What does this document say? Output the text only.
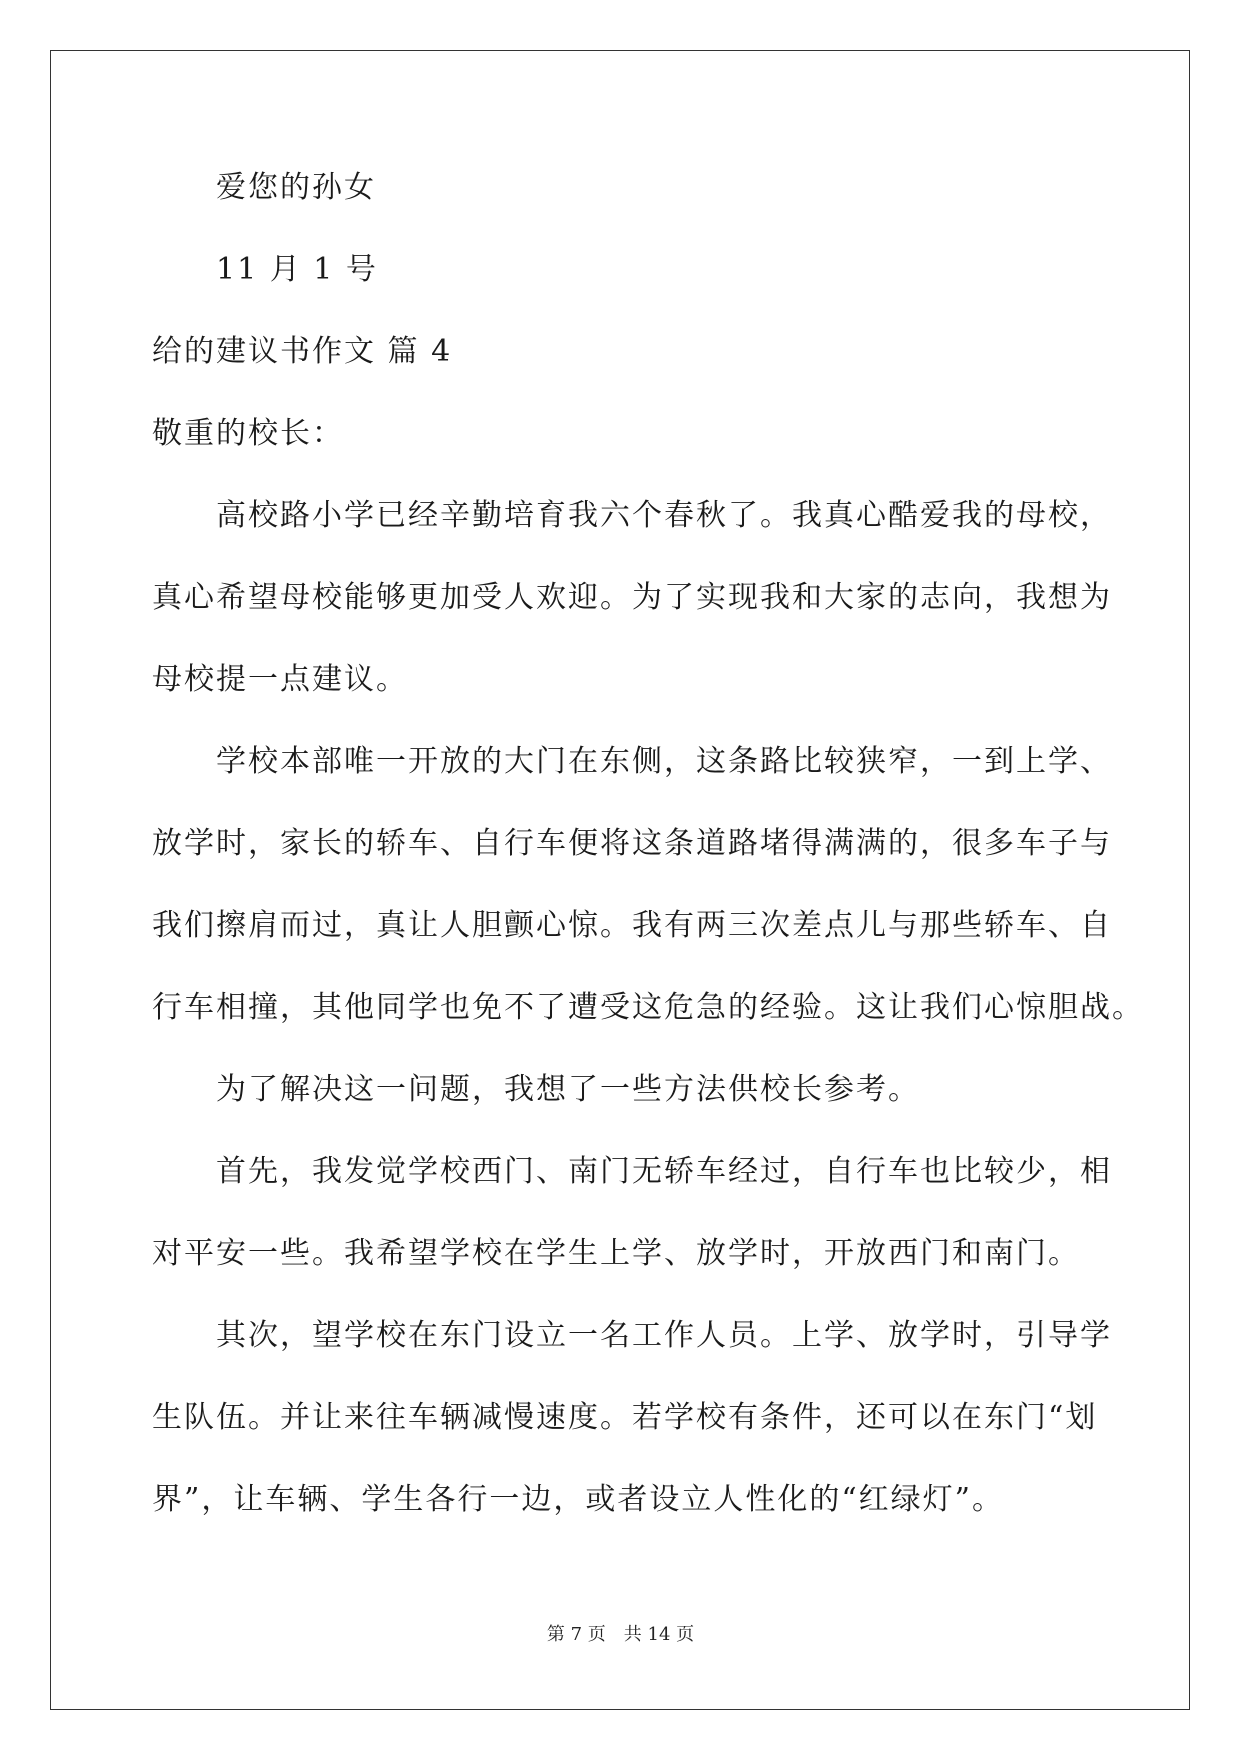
爱您的孙女
11 月 1 号
给的建议书作文 篇 4
敬重的校长：
高校路小学已经辛勤培育我六个春秋了。我真心酷爱我的母校，
真心希望母校能够更加受人欢迎。为了实现我和大家的志向，我想为
母校提一点建议。
学校本部唯一开放的大门在东侧，这条路比较狭窄，一到上学、
放学时，家长的轿车、自行车便将这条道路堵得满满的，很多车子与
我们擦肩而过，真让人胆颤心惊。我有两三次差点儿与那些轿车、自
行车相撞，其他同学也免不了遭受这危急的经验。这让我们心惊胆战。
为了解决这一问题，我想了一些方法供校长参考。
首先，我发觉学校西门、南门无轿车经过，自行车也比较少，相
对平安一些。我希望学校在学生上学、放学时，开放西门和南门。
其次，望学校在东门设立一名工作人员。上学、放学时，引导学
生队伍。并让来往车辆减慢速度。若学校有条件，还可以在东门“划
界”，让车辆、学生各行一边，或者设立人性化的“红绿灯”。
第 7 页　共 14 页
